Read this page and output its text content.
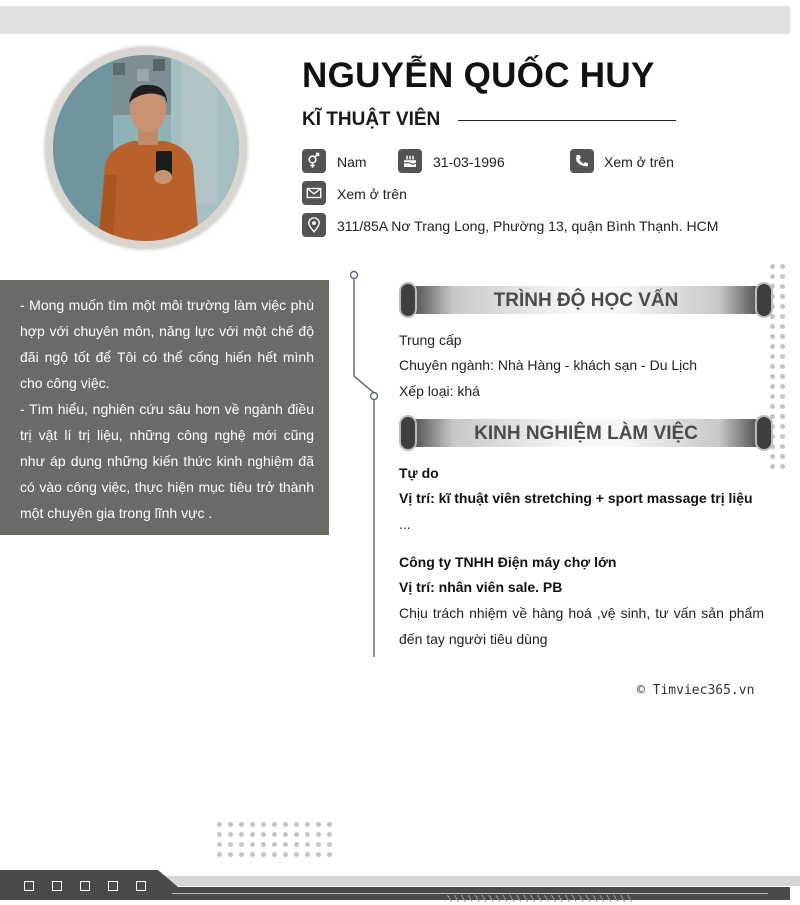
NGUYỄN QUỐC HUY
KĨ THUẬT VIÊN
Nam	31-03-1996	Xem ở trên
Xem ở trên
311/85A Nơ Trang Long, Phường 13, quận Bình Thạnh. HCM

- Mong muốn tìm một môi trường làm việc phù hợp với chuyên môn, năng lực với một chế độ đãi ngộ tốt để Tôi có thể cống hiến hết mình cho công việc.

- Tìm hiểu, nghiên cứu sâu hơn về ngành điều trị vật lí trị liệu, những công nghệ mới cũng như áp dụng những kiến thức kinh nghiệm đã có vào công việc, thực hiện mục tiêu trở thành một chuyên gia trong lĩnh vực .

TRÌNH ĐỘ HỌC VẤN
Trung cấp
Chuyên ngành: Nhà Hàng - khách sạn - Du Lịch
Xếp loại: khá
KINH NGHIỆM LÀM VIỆC
Tự do
Vị trí: kĩ thuật viên stretching + sport massage trị liệu
...
Công ty TNHH Điện máy chợ lớn
Vị trí: nhân viên sale. PB
Chịu trách nhiệm về hàng hoá ,vệ sinh, tư vấn sản phẩm đến tay người tiêu dùng
© Timviec365.vn
